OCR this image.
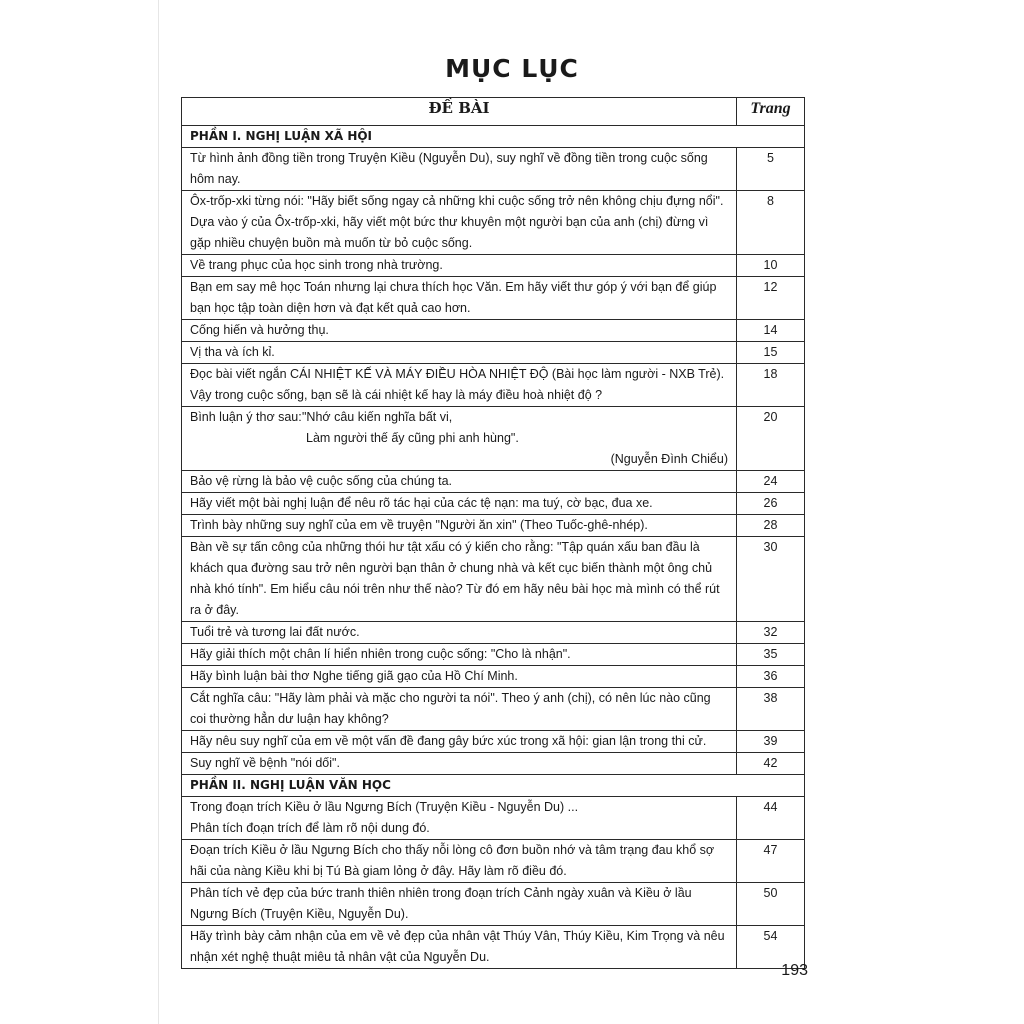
MỤC LỤC
ĐỀ BÀI	Trang
PHẦN I. NGHỊ LUẬN XÃ HỘI	
Từ hình ảnh đồng tiền trong Truyện Kiều (Nguyễn Du), suy nghĩ về đồng tiền trong cuộc sống hôm nay.	5
Ôx-trốp-xki từng nói: "Hãy biết sống ngay cả những khi cuộc sống trở nên không chịu đựng nổi". Dựa vào ý của Ôx-trốp-xki, hãy viết một bức thư khuyên một người bạn của anh (chị) đừng vì gặp nhiều chuyện buồn mà muốn từ bỏ cuộc sống.	8
Về trang phục của học sinh trong nhà trường.	10
Bạn em say mê học Toán nhưng lại chưa thích học Văn. Em hãy viết thư góp ý với bạn để giúp bạn học tập toàn diện hơn và đạt kết quả cao hơn.	12
Cống hiến và hưởng thụ.	14
Vị tha và ích kỉ.	15
Đọc bài viết ngắn CÁI NHIỆT KẾ VÀ MÁY ĐIỀU HÒA NHIỆT ĐỘ (Bài học làm người - NXB Trẻ). Vậy trong cuộc sống, bạn sẽ là cái nhiệt kế hay là máy điều hoà nhiệt độ ?	18

Bình luận ý thơ sau: "Nhớ câu kiến nghĩa bất vi,
Làm người thế ấy cũng phi anh hùng".
(Nguyễn Đình Chiểu)	20
Bảo vệ rừng là bảo vệ cuộc sống của chúng ta.	24
Hãy viết một bài nghị luận để nêu rõ tác hại của các tệ nạn: ma tuý, cờ bạc, đua xe.	26
Trình bày những suy nghĩ của em về truyện "Người ăn xin" (Theo Tuốc-ghê-nhép).	28
Bàn về sự tấn công của những thói hư tật xấu có ý kiến cho rằng: "Tập quán xấu ban đầu là khách qua đường sau trở nên người bạn thân ở chung nhà và kết cục biến thành một ông chủ nhà khó tính". Em hiểu câu nói trên như thế nào? Từ đó em hãy nêu bài học mà mình có thể rút ra ở đây.	30
Tuổi trẻ và tương lai đất nước.	32
Hãy giải thích một chân lí hiển nhiên trong cuộc sống: "Cho là nhận".	35
Hãy bình luận bài thơ Nghe tiếng giã gạo của Hồ Chí Minh.	36
Cắt nghĩa câu: "Hãy làm phải và mặc cho người ta nói". Theo ý anh (chị), có nên lúc nào cũng coi thường hẳn dư luận hay không?	38
Hãy nêu suy nghĩ của em về một vấn đề đang gây bức xúc trong xã hội: gian lận trong thi cử.	39
Suy nghĩ về bệnh "nói dối".	42
PHẦN II. NGHỊ LUẬN VĂN HỌC	

Trong đoạn trích Kiều ở lầu Ngưng Bích (Truyện Kiều - Nguyễn Du) ...
Phân tích đoạn trích để làm rõ nội dung đó.	44
Đoạn trích Kiều ở lầu Ngưng Bích cho thấy nỗi lòng cô đơn buồn nhớ và tâm trạng đau khổ sợ hãi của nàng Kiều khi bị Tú Bà giam lỏng ở đây. Hãy làm rõ điều đó.	47
Phân tích vẻ đẹp của bức tranh thiên nhiên trong đoạn trích Cảnh ngày xuân và Kiều ở lầu Ngưng Bích (Truyện Kiều, Nguyễn Du).	50
Hãy trình bày cảm nhận của em về vẻ đẹp của nhân vật Thúy Vân, Thúy Kiều, Kim Trọng và nêu nhận xét nghệ thuật miêu tả nhân vật của Nguyễn Du.	54
193
